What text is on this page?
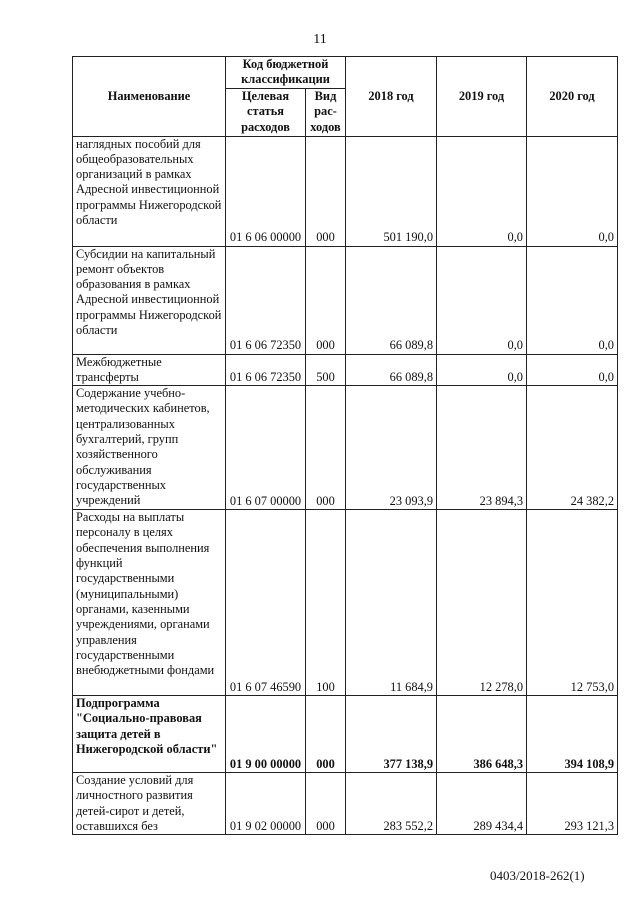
11
Наименование	Код бюджетной классификации		2018 год	2019 год	2020 год
	Целевая статья расходов	Вид рас-ходов			
наглядных пособий для общеобразовательных организаций в рамках Адресной инвестиционной программы Нижегородской области	01 6 06 00000	000	501 190,0	0,0	0,0
Субсидии на капитальный ремонт объектов образования в рамках Адресной инвестиционной программы Нижегородской области	01 6 06 72350	000	66 089,8	0,0	0,0
Межбюджетные трансферты	01 6 06 72350	500	66 089,8	0,0	0,0
Содержание учебно-методических кабинетов, централизованных бухгалтерий, групп хозяйственного обслуживания государственных учреждений	01 6 07 00000	000	23 093,9	23 894,3	24 382,2
Расходы на выплаты персоналу в целях обеспечения выполнения функций государственными (муниципальными) органами, казенными учреждениями, органами управления государственными внебюджетными фондами	01 6 07 46590	100	11 684,9	12 278,0	12 753,0
Подпрограмма "Социально-правовая защита детей в Нижегородской области"	01 9 00 00000	000	377 138,9	386 648,3	394 108,9
Создание условий для личностного развития детей-сирот и детей, оставшихся без	01 9 02 00000	000	283 552,2	289 434,4	293 121,3
0403/2018-262(1)
